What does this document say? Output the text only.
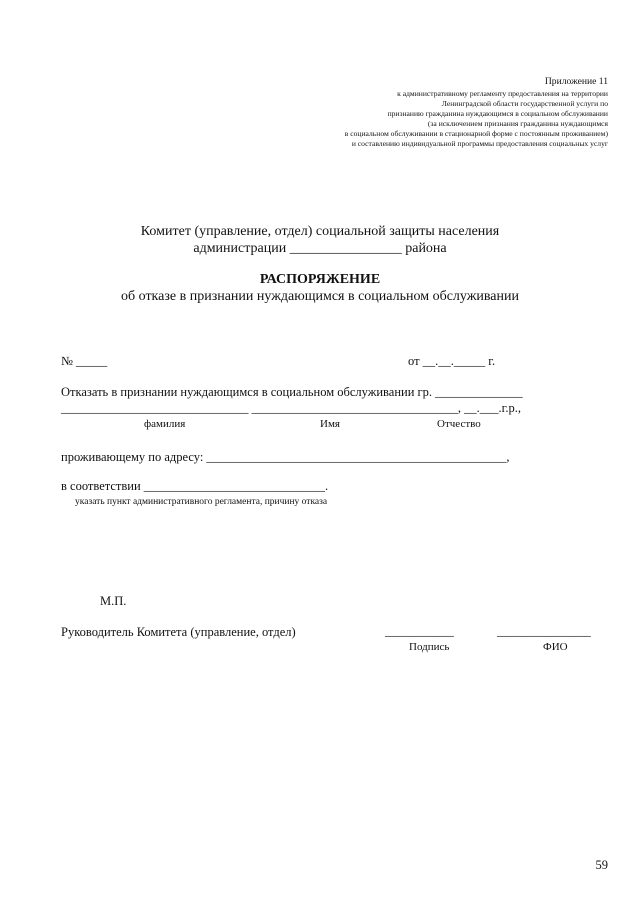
Приложение 11
к административному регламенту предоставления на территории
Ленинградской области государственной услуги по
признанию гражданина нуждающимся в социальном обслуживании
(за исключением признания гражданина нуждающимся
в социальном обслуживании в стационарной форме с постоянным проживанием)
и составлению индивидуальной программы предоставления социальных услуг
Комитет (управление, отдел) социальной защиты населения
администрации ________________ района
РАСПОРЯЖЕНИЕ
об отказе в признании нуждающимся в социальном обслуживании
№ _____	от __.__._____ г.
Отказать в признании нуждающимся в социальном обслуживании гр. ______________
______________________________ _________________________________, __.___.г.р.,
фамилия	Имя	Отчество
проживающему по адресу: ________________________________________________,
в соответствии _____________________________.
указать пункт административного регламента, причину отказа
М.П.
Руководитель Комитета (управление, отдел)	___________	_______________
Подпись	ФИО
59
